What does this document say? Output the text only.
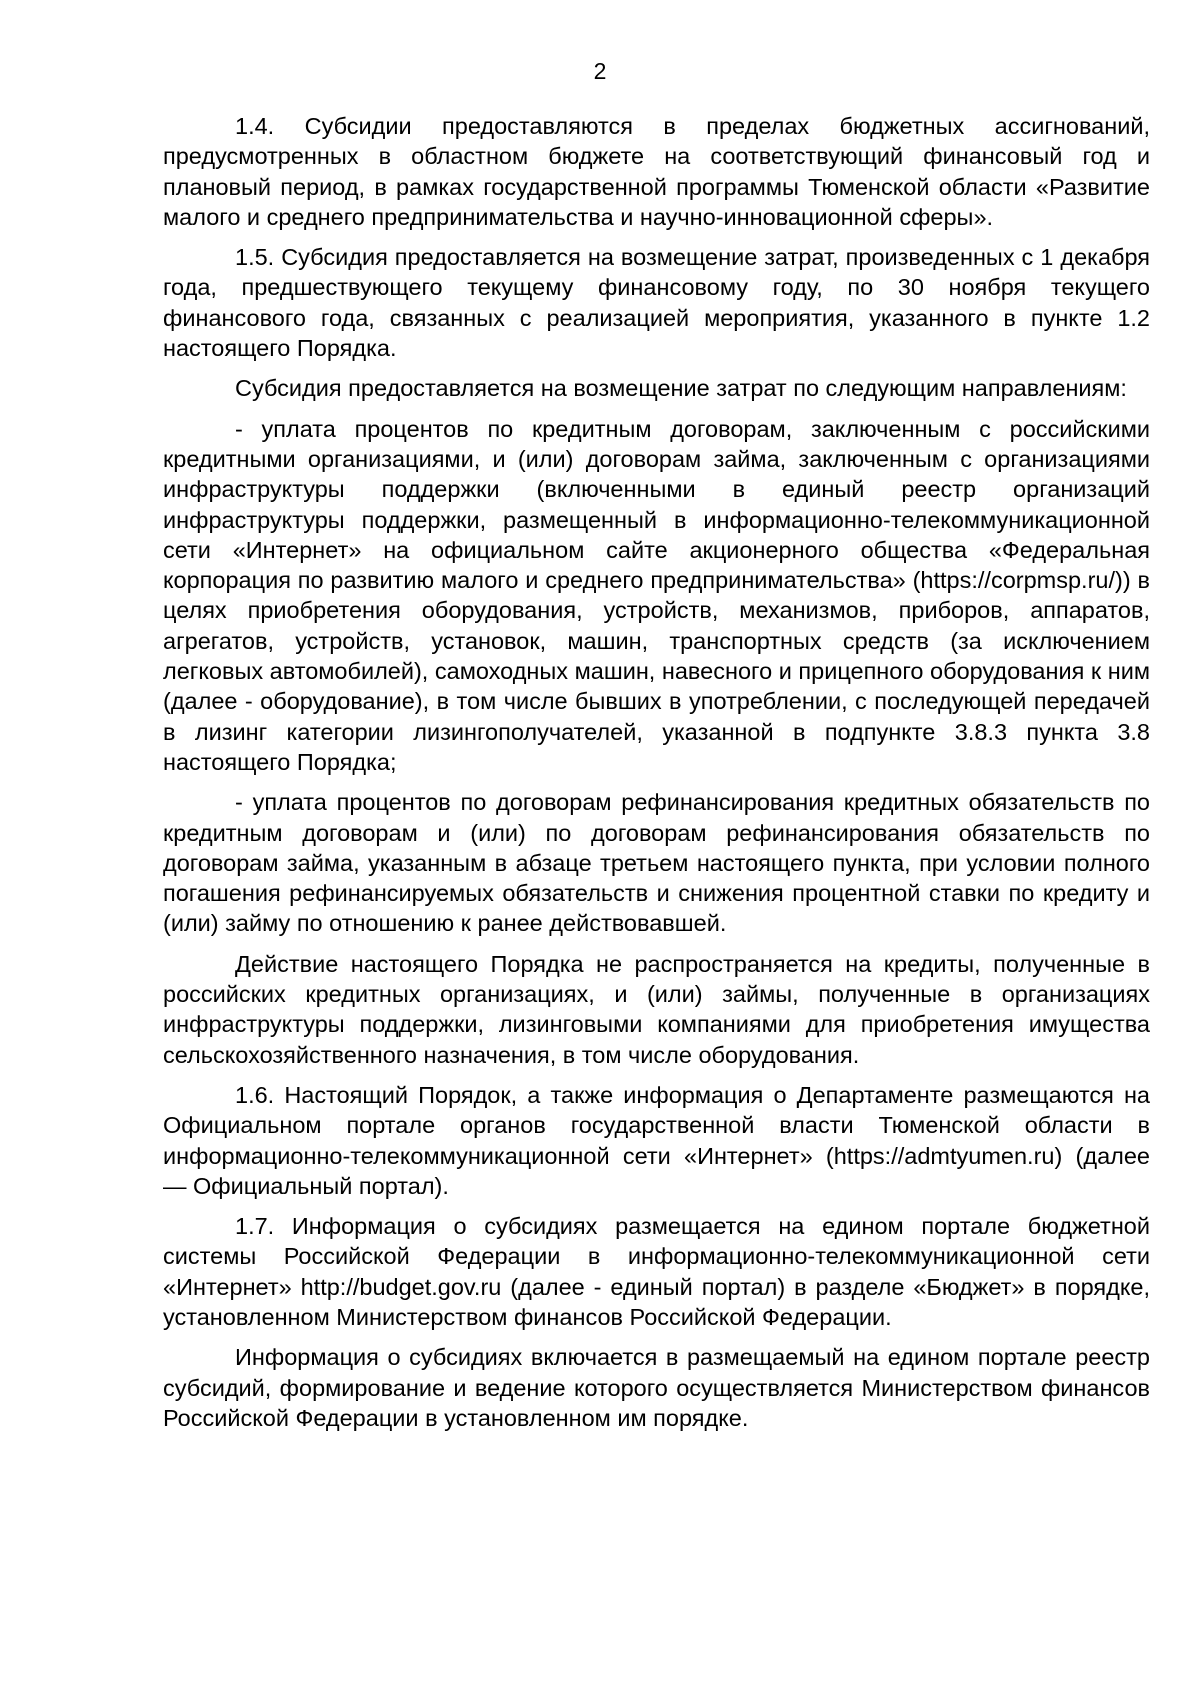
2

1.4. Субсидии предоставляются в пределах бюджетных ассигнований, предусмотренных в областном бюджете на соответствующий финансовый год и плановый период, в рамках государственной программы Тюменской области «Развитие малого и среднего предпринимательства и научно-инновационной сферы».

1.5. Субсидия предоставляется на возмещение затрат, произведенных с 1 декабря года, предшествующего текущему финансовому году, по 30 ноября текущего финансового года, связанных с реализацией мероприятия, указанного в пункте 1.2 настоящего Порядка.

Субсидия предоставляется на возмещение затрат по следующим направлениям:

- уплата процентов по кредитным договорам, заключенным с российскими кредитными организациями, и (или) договорам займа, заключенным с организациями инфраструктуры поддержки (включенными в единый реестр организаций инфраструктуры поддержки, размещенный в информационно-телекоммуникационной сети «Интернет» на официальном сайте акционерного общества «Федеральная корпорация по развитию малого и среднего предпринимательства» (https://corpmsp.ru/)) в целях приобретения оборудования, устройств, механизмов, приборов, аппаратов, агрегатов, устройств, установок, машин, транспортных средств (за исключением легковых автомобилей), самоходных машин, навесного и прицепного оборудования к ним (далее - оборудование), в том числе бывших в употреблении, с последующей передачей в лизинг категории лизингополучателей, указанной в подпункте 3.8.3 пункта 3.8 настоящего Порядка;

- уплата процентов по договорам рефинансирования кредитных обязательств по кредитным договорам и (или) по договорам рефинансирования обязательств по договорам займа, указанным в абзаце третьем настоящего пункта, при условии полного погашения рефинансируемых обязательств и снижения процентной ставки по кредиту и (или) займу по отношению к ранее действовавшей.

Действие настоящего Порядка не распространяется на кредиты, полученные в российских кредитных организациях, и (или) займы, полученные в организациях инфраструктуры поддержки, лизинговыми компаниями для приобретения имущества сельскохозяйственного назначения, в том числе оборудования.

1.6. Настоящий Порядок, а также информация о Департаменте размещаются на Официальном портале органов государственной власти Тюменской области в информационно-телекоммуникационной сети «Интернет» (https://admtyumen.ru) (далее — Официальный портал).

1.7. Информация о субсидиях размещается на едином портале бюджетной системы Российской Федерации в информационно-телекоммуникационной сети «Интернет» http://budget.gov.ru (далее - единый портал) в разделе «Бюджет» в порядке, установленном Министерством финансов Российской Федерации.

Информация о субсидиях включается в размещаемый на едином портале реестр субсидий, формирование и ведение которого осуществляется Министерством финансов Российской Федерации в установленном им порядке.
